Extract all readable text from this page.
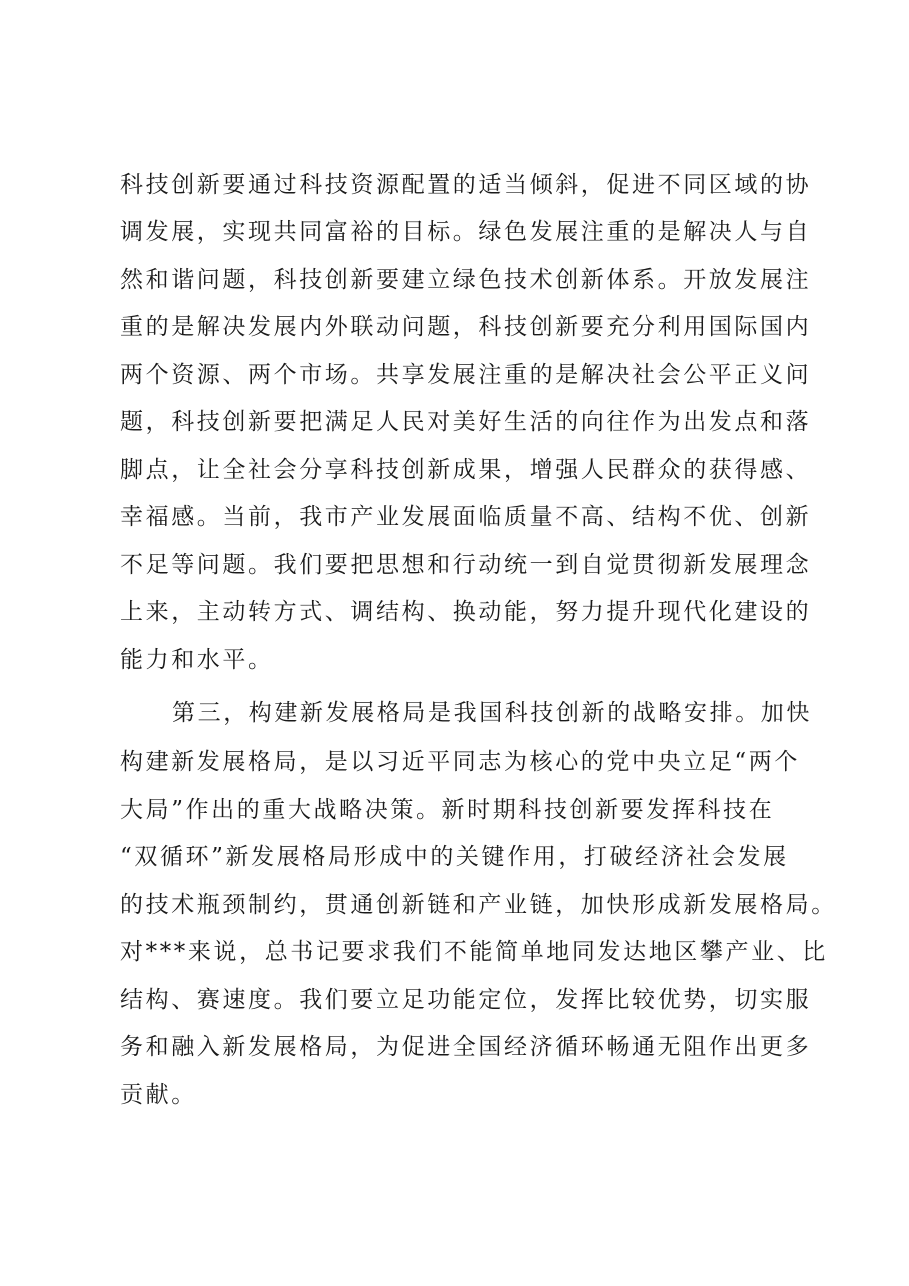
科技创新要通过科技资源配置的适当倾斜，促进不同区域的协
调发展，实现共同富裕的目标。绿色发展注重的是解决人与自
然和谐问题，科技创新要建立绿色技术创新体系。开放发展注
重的是解决发展内外联动问题，科技创新要充分利用国际国内
两个资源、两个市场。共享发展注重的是解决社会公平正义问
题，科技创新要把满足人民对美好生活的向往作为出发点和落
脚点，让全社会分享科技创新成果，增强人民群众的获得感、
幸福感。当前，我市产业发展面临质量不高、结构不优、创新
不足等问题。我们要把思想和行动统一到自觉贯彻新发展理念
上来，主动转方式、调结构、换动能，努力提升现代化建设的
能力和水平。
第三，构建新发展格局是我国科技创新的战略安排。加快
构建新发展格局，是以习近平同志为核心的党中央立足“两个
大局”作出的重大战略决策。新时期科技创新要发挥科技在
“双循环”新发展格局形成中的关键作用，打破经济社会发展
的技术瓶颈制约，贯通创新链和产业链，加快形成新发展格局。
对***来说，总书记要求我们不能简单地同发达地区攀产业、比
结构、赛速度。我们要立足功能定位，发挥比较优势，切实服
务和融入新发展格局，为促进全国经济循环畅通无阻作出更多
贡献。
